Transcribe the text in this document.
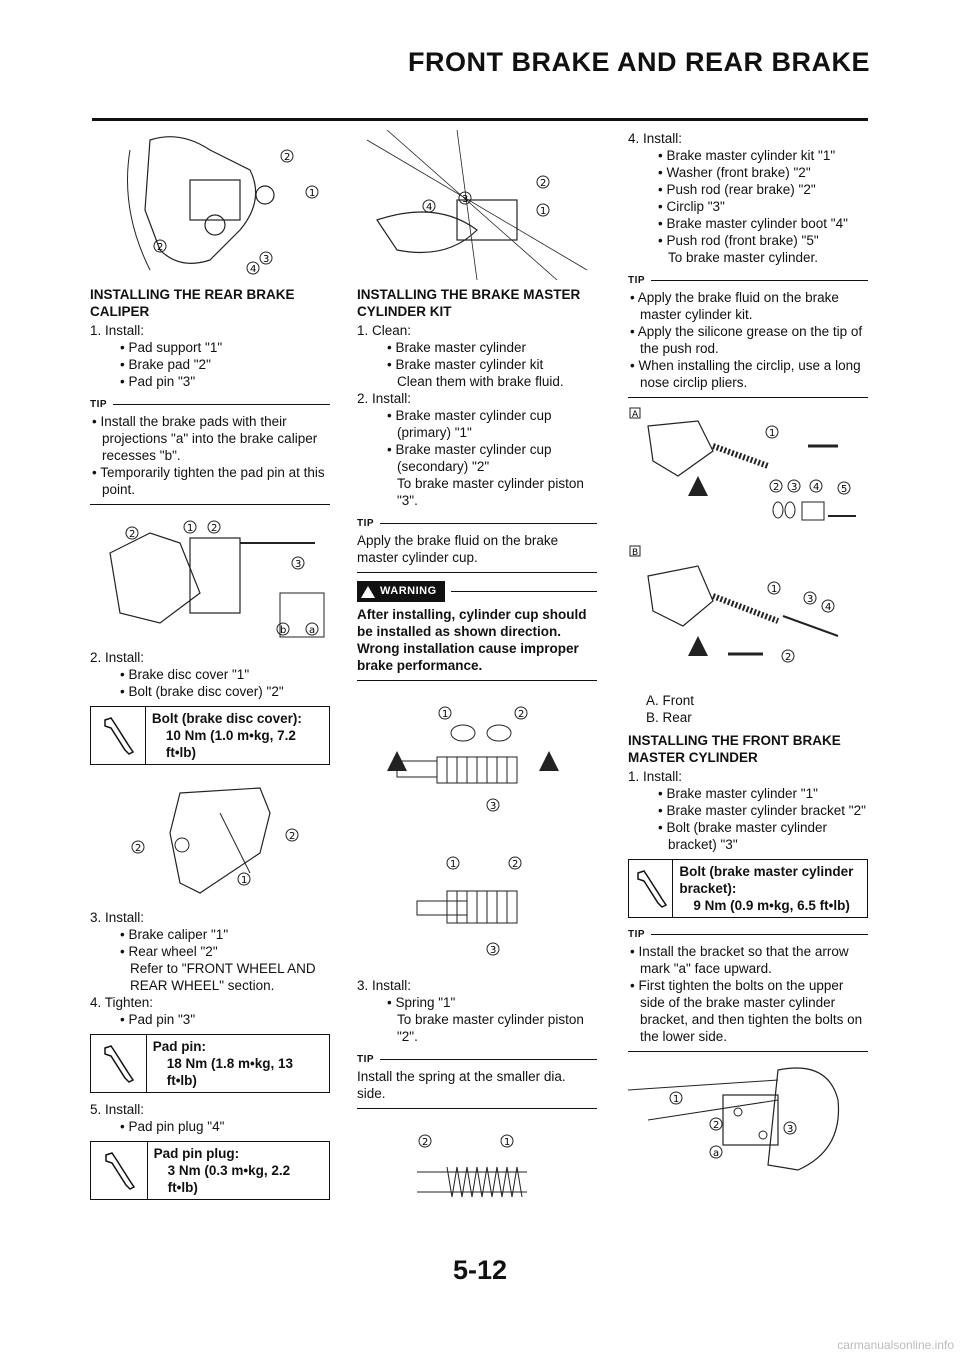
FRONT BRAKE AND REAR BRAKE
2
1
2
3
4
INSTALLING THE REAR BRAKE CALIPER
1. Install:
• Pad support "1"
• Brake pad "2"
• Pad pin "3"
TIP
• Install the brake pads with their projections "a" into the brake caliper recesses "b".
• Temporarily tighten the pad pin at this point.
2
1 2
3
b a
2. Install:
• Brake disc cover "1"
• Bolt (brake disc cover) "2"
Bolt (brake disc cover):
10 Nm (1.0 m•kg, 7.2 ft•lb)
2
2
1
3. Install:
• Brake caliper "1"
• Rear wheel "2"
Refer to "FRONT WHEEL AND REAR WHEEL" section.
4. Tighten:
• Pad pin "3"
Pad pin:
18 Nm (1.8 m•kg, 13 ft•lb)
5. Install:
• Pad pin plug "4"
Pad pin plug:
3 Nm (0.3 m•kg, 2.2 ft•lb)
2
3
1
4
INSTALLING THE BRAKE MASTER CYLINDER KIT
1. Clean:
• Brake master cylinder
• Brake master cylinder kit
Clean them with brake fluid.
2. Install:
• Brake master cylinder cup (primary) "1"
• Brake master cylinder cup (secondary) "2"
To brake master cylinder piston "3".
TIP
Apply the brake fluid on the brake master cylinder cup.
WARNING
After installing, cylinder cup should be installed as shown direction. Wrong installation cause improper brake performance.
1	2
3
1	2
3
3. Install:
• Spring "1"
To brake master cylinder piston "2".
TIP
Install the spring at the smaller dia. side.
2	1
4. Install:
• Brake master cylinder kit "1"
• Washer (front brake) "2"
• Push rod (rear brake) "2"
• Circlip "3"
• Brake master cylinder boot "4"
• Push rod (front brake) "5"
To brake master cylinder.
TIP
• Apply the brake fluid on the brake master cylinder kit.
• Apply the silicone grease on the tip of the push rod.
• When installing the circlip, use a long nose circlip pliers.
A
B
1
2 3 4 5
1
3
4
2
A. Front
B. Rear
INSTALLING THE FRONT BRAKE MASTER CYLINDER
1. Install:
• Brake master cylinder "1"
• Brake master cylinder bracket "2"
• Bolt (brake master cylinder bracket) "3"
Bolt (brake master cylinder bracket):
9 Nm (0.9 m•kg, 6.5 ft•lb)
TIP
• Install the bracket so that the arrow mark "a" face upward.
• First tighten the bolts on the upper side of the brake master cylinder bracket, and then tighten the bolts on the lower side.
1
2	3
a
5-12
carmanualsonline.info
